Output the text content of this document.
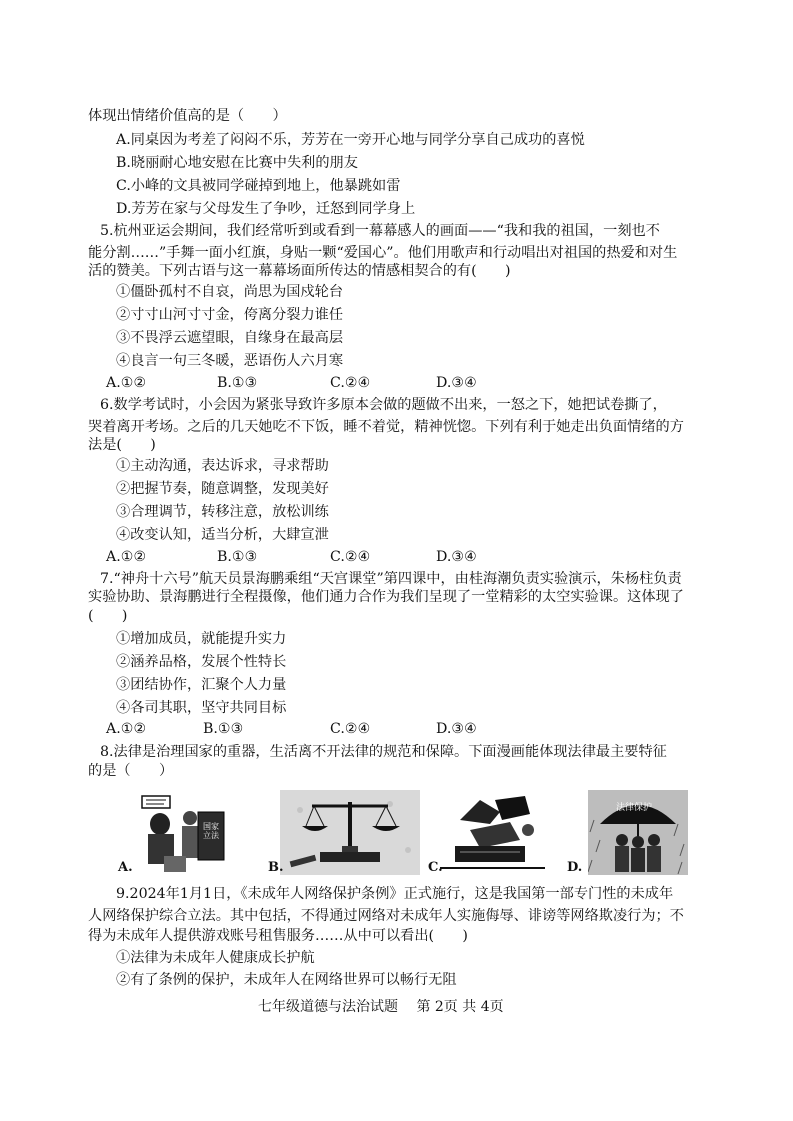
体现出情绪价值高的是（　　）
A.同桌因为考差了闷闷不乐，芳芳在一旁开心地与同学分享自己成功的喜悦
B.晓丽耐心地安慰在比赛中失利的朋友
C.小峰的文具被同学碰掉到地上，他暴跳如雷
D.芳芳在家与父母发生了争吵，迁怒到同学身上
5.杭州亚运会期间，我们经常听到或看到一幕幕感人的画面——“我和我的祖国，一刻也不
能分割……”手舞一面小红旗，身贴一颗“爱国心”。他们用歌声和行动唱出对祖国的热爱和对生
活的赞美。下列古语与这一幕幕场面所传达的情感相契合的有(　　)
①僵卧孤村不自哀，尚思为国戍轮台
②寸寸山河寸寸金，侉离分裂力谁任
③不畏浮云遮望眼，自缘身在最高层
④良言一句三冬暖，恶语伤人六月寒
A.①②	B.①③	C.②④	D.③④
6.数学考试时，小会因为紧张导致许多原本会做的题做不出来，一怒之下，她把试卷撕了，
哭着离开考场。之后的几天她吃不下饭，睡不着觉，精神恍惚。下列有利于她走出负面情绪的方
法是(　　)
①主动沟通，表达诉求，寻求帮助
②把握节奏，随意调整，发现美好
③合理调节，转移注意，放松训练
④改变认知，适当分析，大肆宣泄
A.①②	B.①③	C.②④	D.③④
7.“神舟十六号”航天员景海鹏乘组“天宫课堂”第四课中，由桂海潮负责实验演示，朱杨柱负责
实验协助、景海鹏进行全程摄像，他们通力合作为我们呈现了一堂精彩的太空实验课。这体现了
(　　)
①增加成员，就能提升实力
②涵养品格，发展个性特长
③团结协作，汇聚个人力量
④各司其职，坚守共同目标
A.①②	B.①③	C.②④	D.③④
8.法律是治理国家的重器，生活离不开法律的规范和保障。下面漫画能体现法律最主要特征
的是（　　）
国家立法
A.	B.	C.
法律保护
D.
9.2024年1月1日，《未成年人网络保护条例》正式施行，这是我国第一部专门性的未成年
人网络保护综合立法。其中包括，不得通过网络对未成年人实施侮辱、诽谤等网络欺凌行为；不
得为未成年人提供游戏账号租售服务……从中可以看出(　　)
①法律为未成年人健康成长护航
②有了条例的保护，未成年人在网络世界可以畅行无阻
七年级道德与法治试题　 第 2页 共 4页
